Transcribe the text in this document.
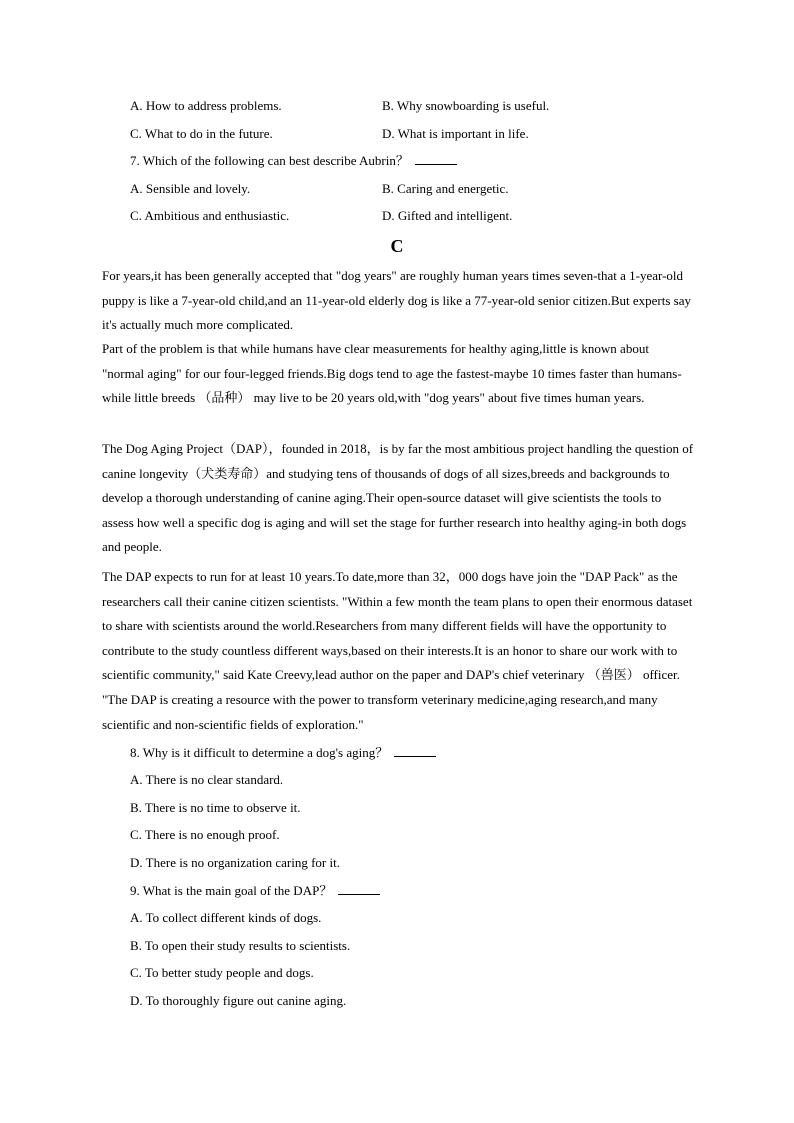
A. How to address problems.	B. Why snowboarding is useful.
C. What to do in the future.	D. What is important in life.
7. Which of the following can best describe Aubrin？
A. Sensible and lovely.	B. Caring and energetic.
C. Ambitious and enthusiastic.	D. Gifted and intelligent.
C
For years,it has been generally accepted that "dog years" are roughly human years times seven-that a 1-year-old puppy is like a 7-year-old child,and an 11-year-old elderly dog is like a 77-year-old senior citizen.But experts say it's actually much more complicated.
Part of the problem is that while humans have clear measurements for healthy aging,little is known about "normal aging" for our four-legged friends.Big dogs tend to age the fastest-maybe 10 times faster than humans-while little breeds （品种） may live to be 20 years old,with "dog years" about five times human years.
The Dog Aging Project（DAP），founded in 2018，is by far the most ambitious project handling the question of canine longevity（犬类寿命）and studying tens of thousands of dogs of all sizes,breeds and backgrounds to develop a thorough understanding of canine aging.Their open-source dataset will give scientists the tools to assess how well a specific dog is aging and will set the stage for further research into healthy aging-in both dogs and people.
The DAP expects to run for at least 10 years.To date,more than 32，000 dogs have join the "DAP Pack" as the researchers call their canine citizen scientists. "Within a few month the team plans to open their enormous dataset to share with scientists around the world.Researchers from many different fields will have the opportunity to contribute to the study countless different ways,based on their interests.It is an honor to share our work with to scientific community," said Kate Creevy,lead author on the paper and DAP's chief veterinary （兽医） officer. "The DAP is creating a resource with the power to transform veterinary medicine,aging research,and many scientific and non-scientific fields of exploration."
8. Why is it difficult to determine a dog's aging？
A. There is no clear standard.
B. There is no time to observe it.
C. There is no enough proof.
D. There is no organization caring for it.
9. What is the main goal of the DAP？
A. To collect different kinds of dogs.
B. To open their study results to scientists.
C. To better study people and dogs.
D. To thoroughly figure out canine aging.
